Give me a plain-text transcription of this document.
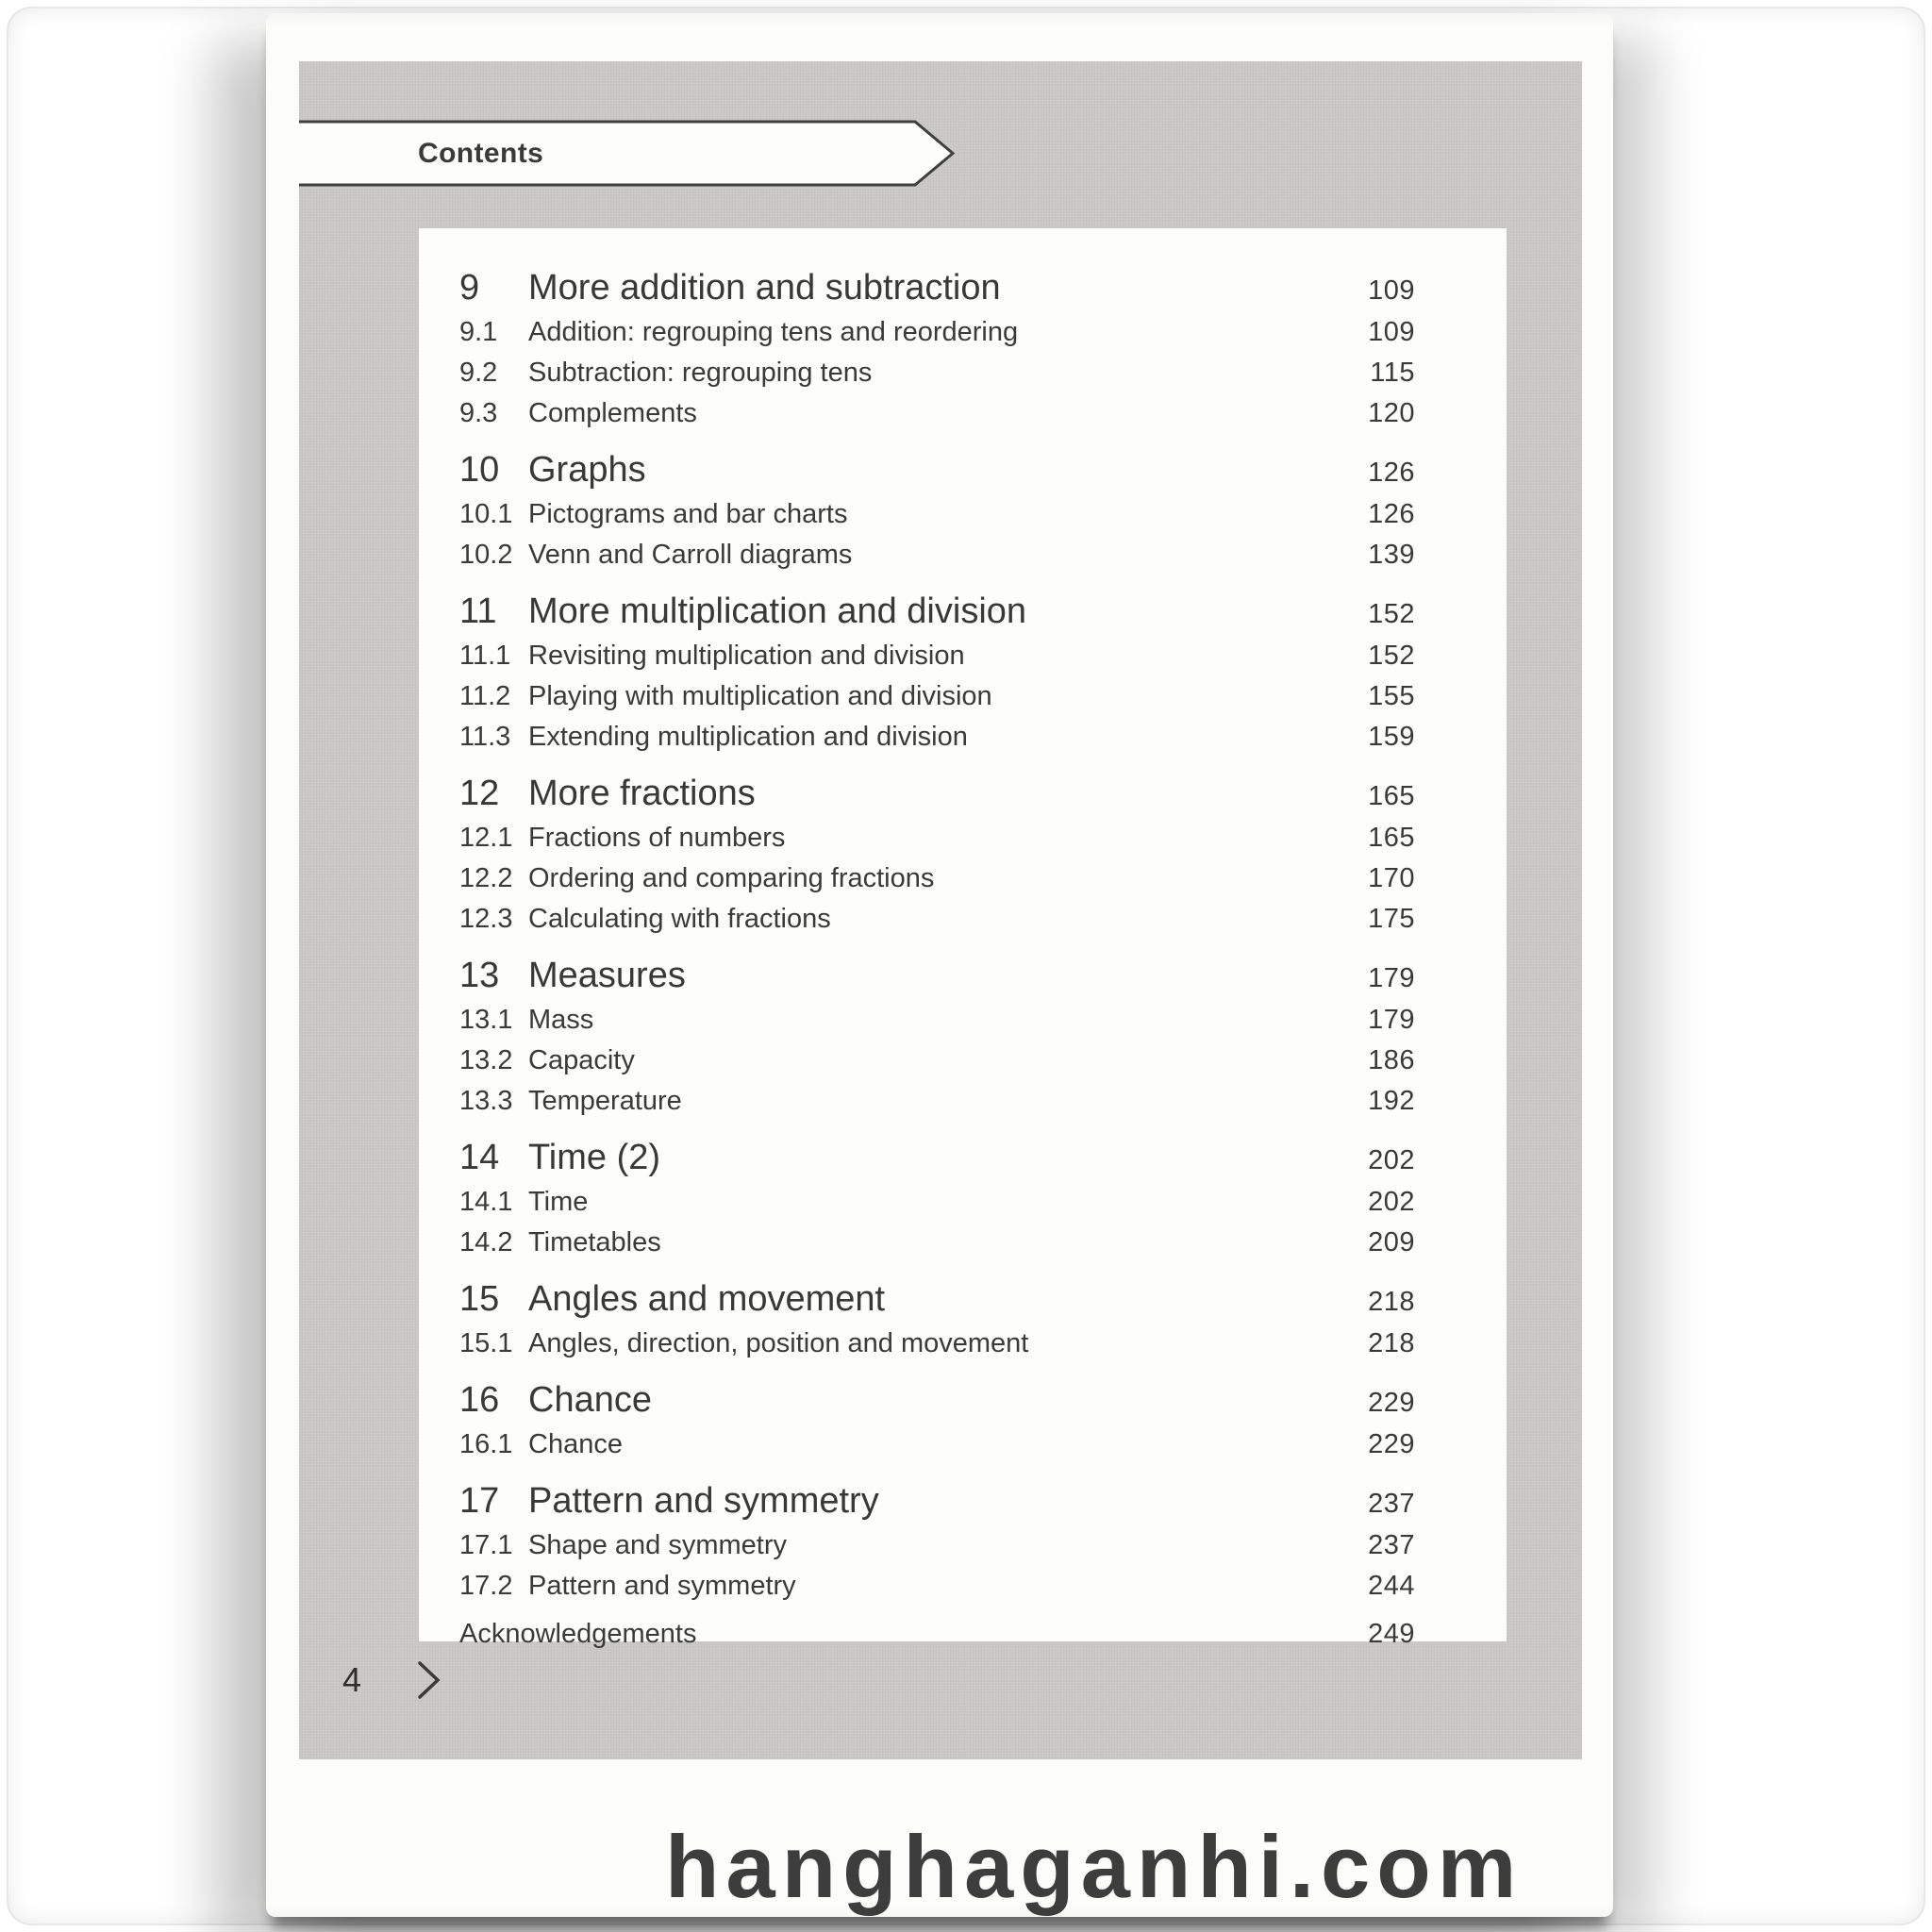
Contents
9	More addition and subtraction	109
9.1	Addition: regrouping tens and reordering	109
9.2	Subtraction: regrouping tens	115
9.3	Complements	120
10 Graphs	126
10.1 Pictograms and bar charts	126
10.2 Venn and Carroll diagrams	139
11 More multiplication and division	152
11.1 Revisiting multiplication and division	152
11.2 Playing with multiplication and division	155
11.3 Extending multiplication and division	159
12 More fractions	165
12.1 Fractions of numbers	165
12.2 Ordering and comparing fractions	170
12.3 Calculating with fractions	175
13 Measures	179
13.1 Mass	179
13.2 Capacity	186
13.3 Temperature	192
14 Time (2)	202
14.1 Time	202
14.2 Timetables	209
15 Angles and movement	218
15.1 Angles, direction, position and movement	218
16 Chance	229
16.1 Chance	229
17 Pattern and symmetry	237
17.1 Shape and symmetry	237
17.2 Pattern and symmetry	244
Acknowledgements	249
4
hanghaganhi.com
